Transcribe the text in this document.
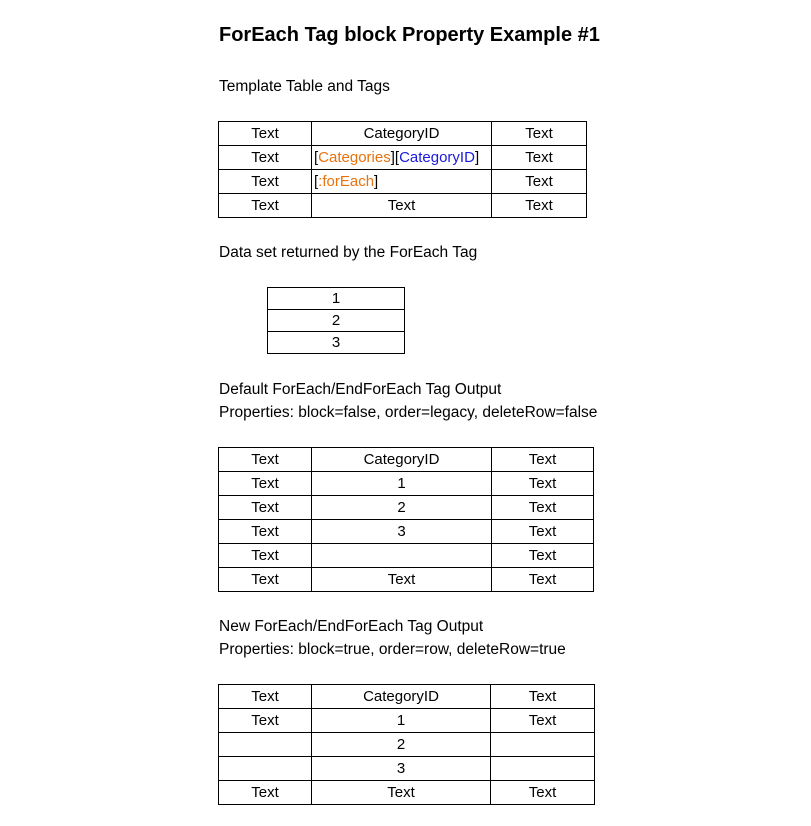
ForEach Tag block Property Example #1
Template Table and Tags
Text	CategoryID	Text
Text	[Categories][CategoryID]	Text
Text	[:forEach]	Text
Text	Text	Text
Data set returned by the ForEach Tag
1
2
3
Default ForEach/EndForEach Tag Output
Properties: block=false, order=legacy, deleteRow=false
Text	CategoryID	Text
Text	1	Text
Text	2	Text
Text	3	Text
Text		Text
Text	Text	Text
New ForEach/EndForEach Tag Output
Properties: block=true, order=row, deleteRow=true
Text	CategoryID	Text
Text	1	Text
	2	
	3	
Text	Text	Text
